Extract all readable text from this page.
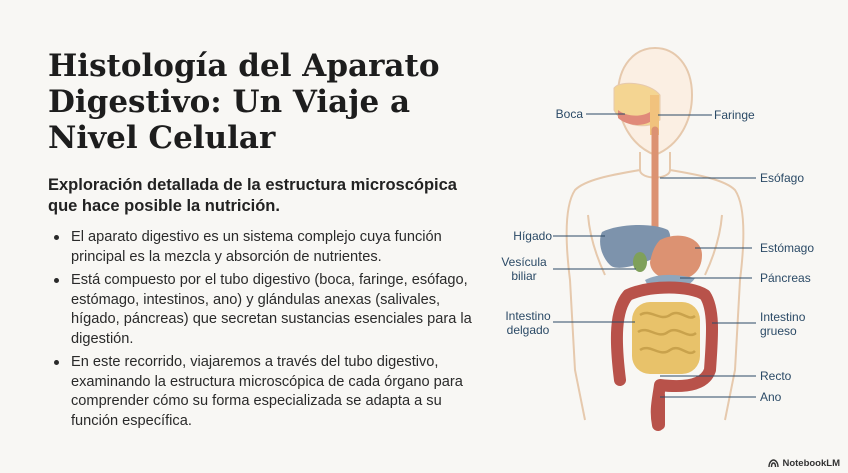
Histología del Aparato Digestivo: Un Viaje a Nivel Celular
Exploración detallada de la estructura microscópica que hace posible la nutrición.
El aparato digestivo es un sistema complejo cuya función principal es la mezcla y absorción de nutrientes.
Está compuesto por el tubo digestivo (boca, faringe, esófago, estómago, intestinos, ano) y glándulas anexas (salivales, hígado, páncreas) que secretan sustancias esenciales para la digestión.
En este recorrido, viajaremos a través del tubo digestivo, examinando la estructura microscópica de cada órgano para comprender cómo su forma especializada se adapta a su función específica.
Boca	Faringe
Esófago
Hígado
Estómago
Vesícula biliar	Páncreas
Intestino delgado
Intestino grueso
Recto
Ano
NotebookLM
